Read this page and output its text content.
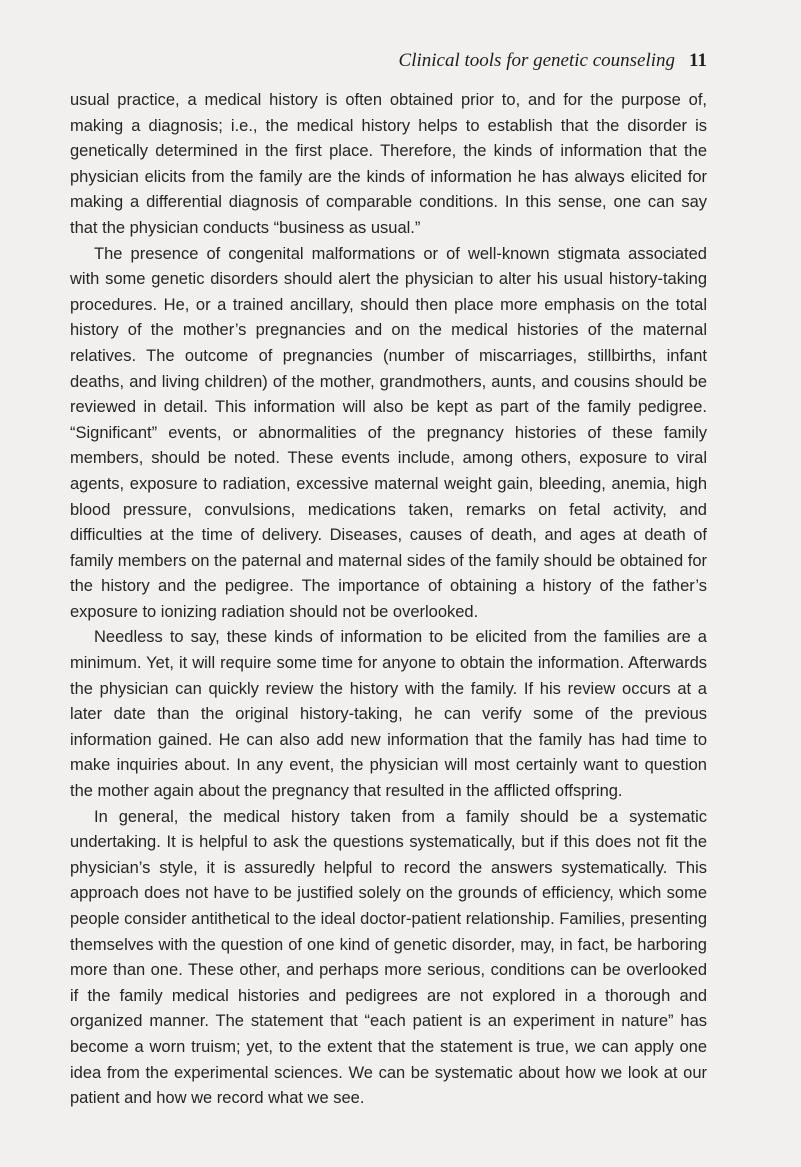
Clinical tools for genetic counseling 11

usual practice, a medical history is often obtained prior to, and for the purpose of, making a diagnosis; i.e., the medical history helps to establish that the disorder is genetically determined in the first place. Therefore, the kinds of information that the physician elicits from the family are the kinds of information he has always elicited for making a differential diagnosis of comparable conditions. In this sense, one can say that the physician conducts “business as usual.”

The presence of congenital malformations or of well-known stigmata associated with some genetic disorders should alert the physician to alter his usual history-taking procedures. He, or a trained ancillary, should then place more emphasis on the total history of the mother’s pregnancies and on the medical histories of the maternal relatives. The outcome of pregnancies (number of miscarriages, stillbirths, infant deaths, and living children) of the mother, grandmothers, aunts, and cousins should be reviewed in detail. This information will also be kept as part of the family pedigree. “Significant” events, or abnormalities of the pregnancy histories of these family members, should be noted. These events include, among others, exposure to viral agents, exposure to radiation, excessive maternal weight gain, bleeding, anemia, high blood pressure, convulsions, medications taken, remarks on fetal activity, and difficulties at the time of delivery. Diseases, causes of death, and ages at death of family members on the paternal and maternal sides of the family should be obtained for the history and the pedigree. The importance of obtaining a history of the father’s exposure to ionizing radiation should not be overlooked.

Needless to say, these kinds of information to be elicited from the families are a minimum. Yet, it will require some time for anyone to obtain the information. Afterwards the physician can quickly review the history with the family. If his review occurs at a later date than the original history-taking, he can verify some of the previous information gained. He can also add new information that the family has had time to make inquiries about. In any event, the physician will most certainly want to question the mother again about the pregnancy that resulted in the afflicted offspring.

In general, the medical history taken from a family should be a systematic undertaking. It is helpful to ask the questions systematically, but if this does not fit the physician’s style, it is assuredly helpful to record the answers systematically. This approach does not have to be justified solely on the grounds of efficiency, which some people consider antithetical to the ideal doctor-patient relationship. Families, presenting themselves with the question of one kind of genetic disorder, may, in fact, be harboring more than one. These other, and perhaps more serious, conditions can be overlooked if the family medical histories and pedigrees are not explored in a thorough and organized manner. The statement that “each patient is an experiment in nature” has become a worn truism; yet, to the extent that the statement is true, we can apply one idea from the experimental sciences. We can be systematic about how we look at our patient and how we record what we see.
